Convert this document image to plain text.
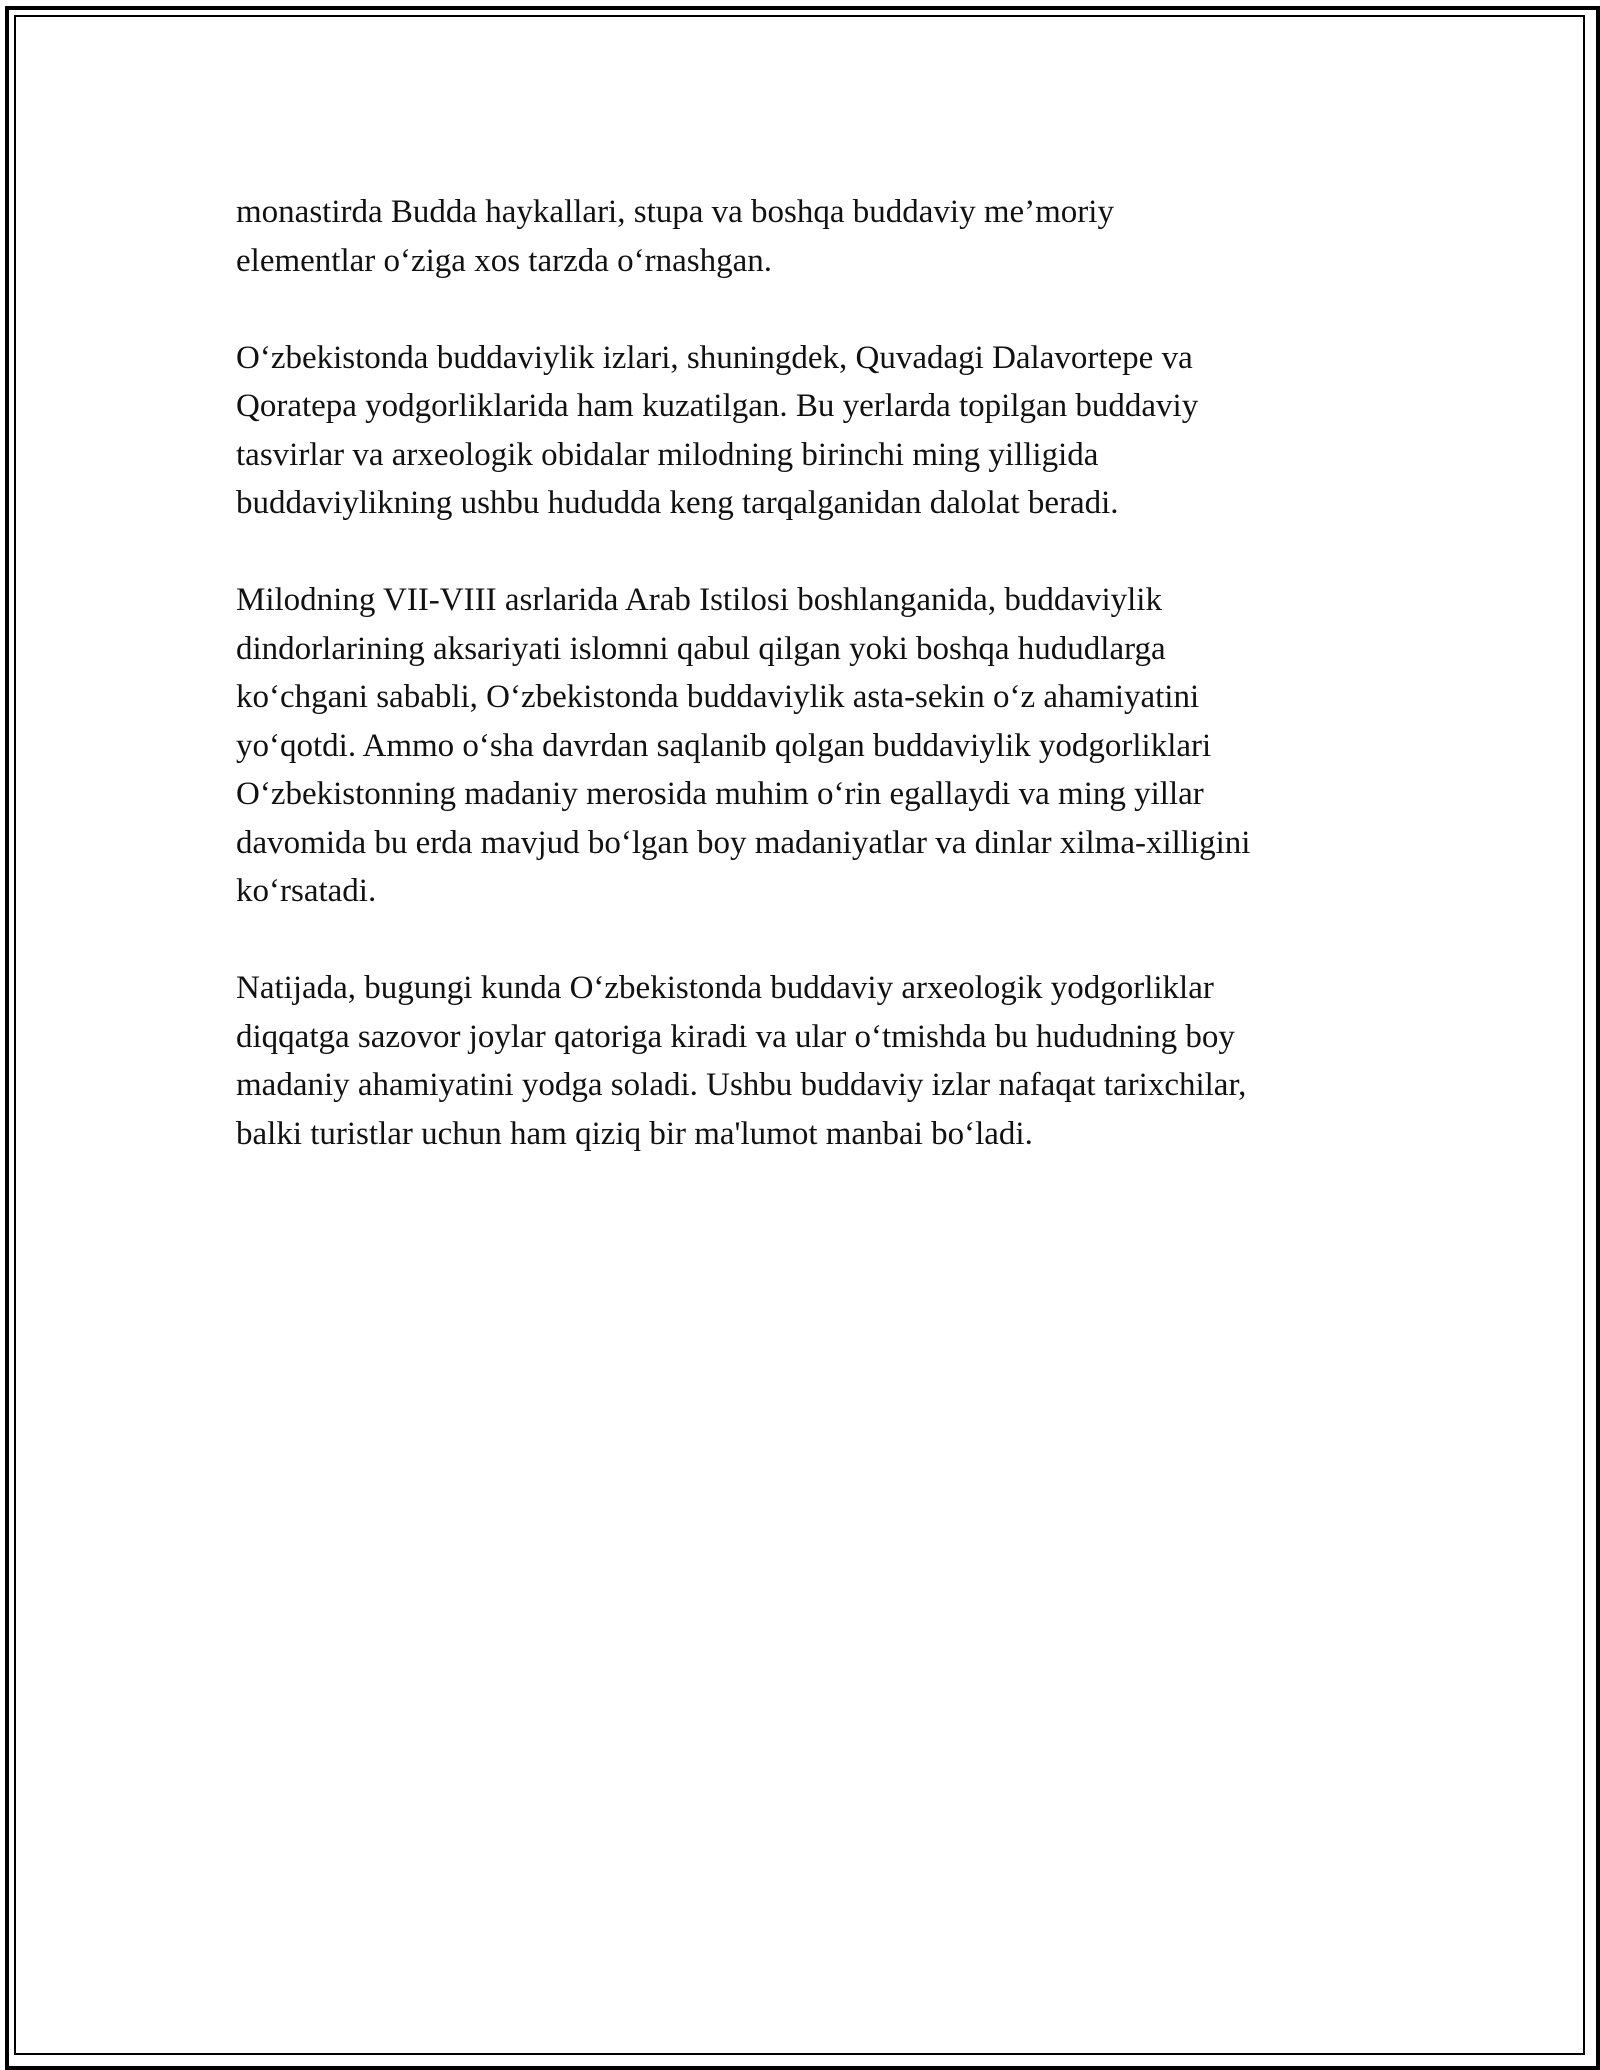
monastirda Budda haykallari, stupa va boshqa buddaviy me’moriy
elementlar o‘ziga xos tarzda o‘rnashgan.

O‘zbekistonda buddaviylik izlari, shuningdek, Quvadagi Dalavortepe va
Qoratepa yodgorliklarida ham kuzatilgan. Bu yerlarda topilgan buddaviy
tasvirlar va arxeologik obidalar milodning birinchi ming yilligida
buddaviylikning ushbu hududda keng tarqalganidan dalolat beradi.

Milodning VII-VIII asrlarida Arab Istilosi boshlanganida, buddaviylik
dindorlarining aksariyati islomni qabul qilgan yoki boshqa hududlarga
ko‘chgani sababli, O‘zbekistonda buddaviylik asta-sekin o‘z ahamiyatini
yo‘qotdi. Ammo o‘sha davrdan saqlanib qolgan buddaviylik yodgorliklari
O‘zbekistonning madaniy merosida muhim o‘rin egallaydi va ming yillar
davomida bu erda mavjud bo‘lgan boy madaniyatlar va dinlar xilma-xilligini
ko‘rsatadi.

Natijada, bugungi kunda O‘zbekistonda buddaviy arxeologik yodgorliklar
diqqatga sazovor joylar qatoriga kiradi va ular o‘tmishda bu hududning boy
madaniy ahamiyatini yodga soladi. Ushbu buddaviy izlar nafaqat tarixchilar,
balki turistlar uchun ham qiziq bir ma'lumot manbai bo‘ladi.
